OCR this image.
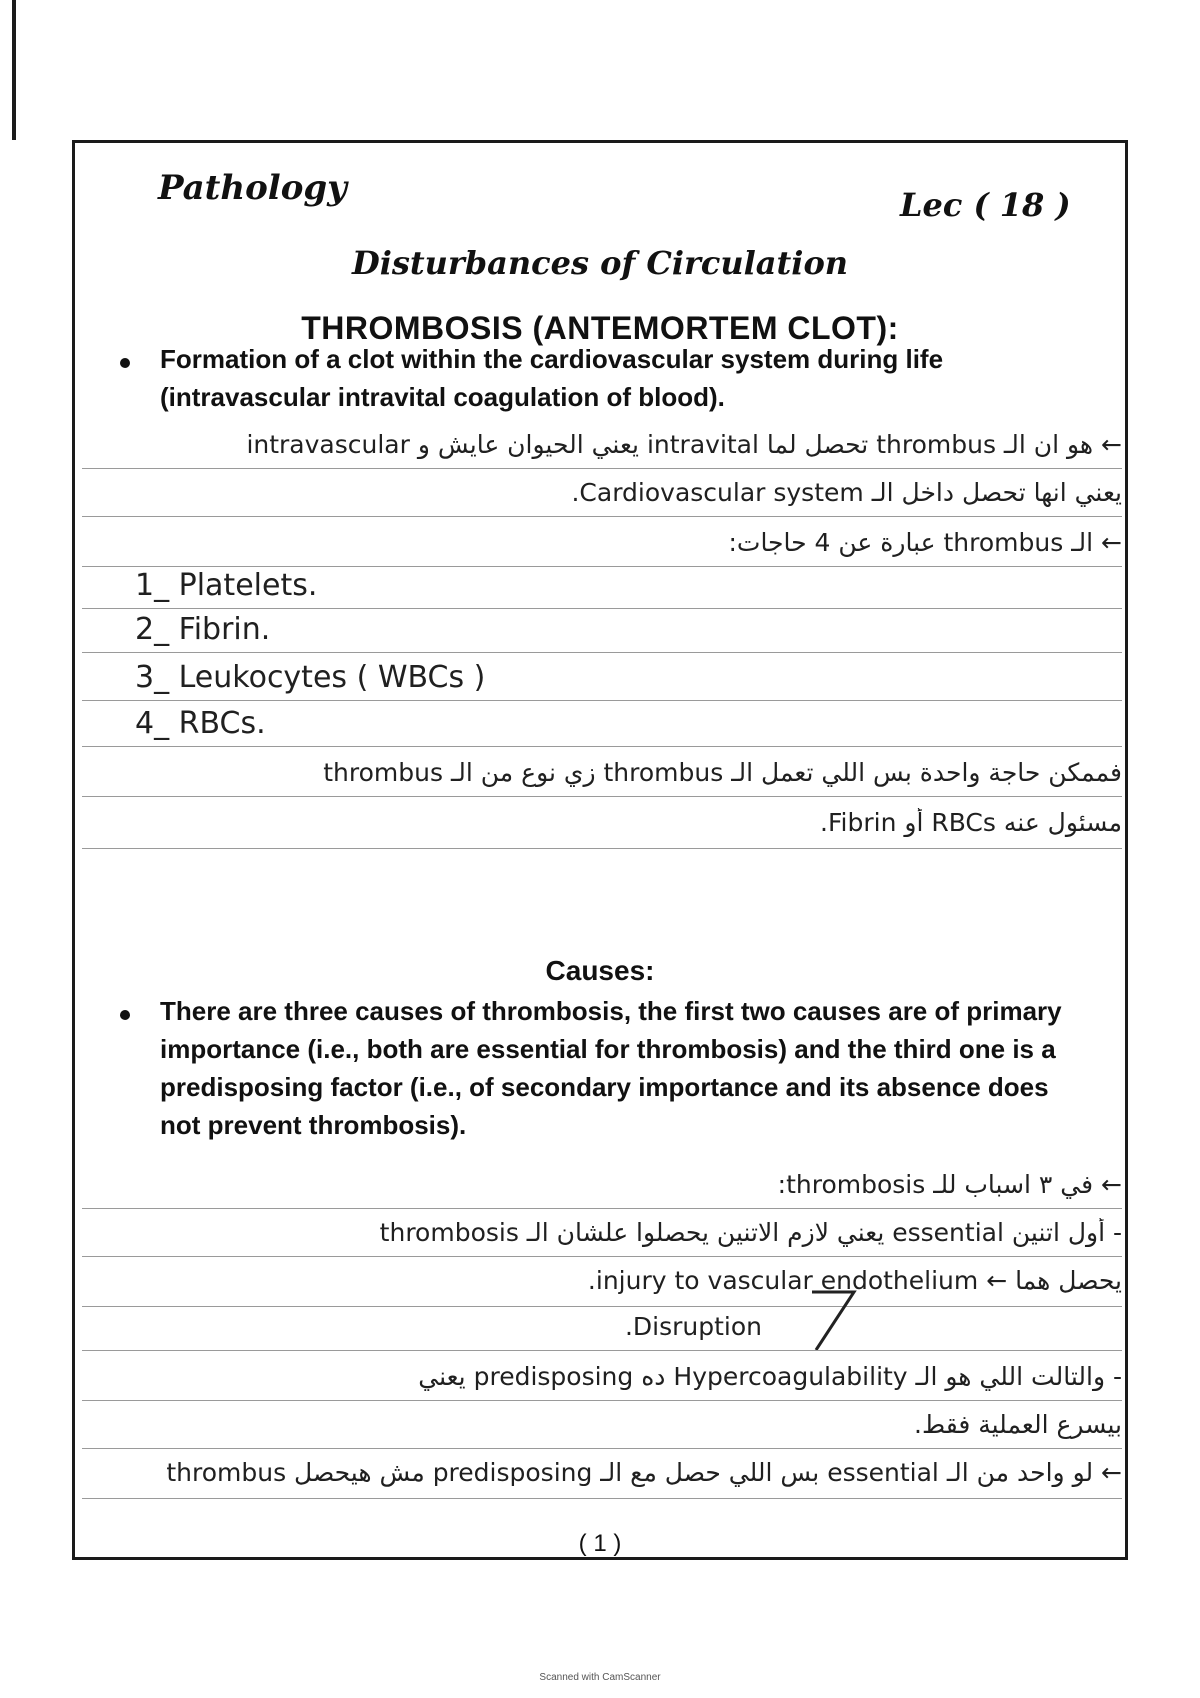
Pathology	Lec ( 18 )
Disturbances of Circulation
THROMBOSIS (ANTEMORTEM CLOT):
Formation of a clot within the cardiovascular system during life (intravascular intravital coagulation of blood).
← هو ان الـ thrombus تحصل لما intravital يعني الحيوان عايش و intravascular
يعني انها تحصل داخل الـ Cardiovascular system.
← الـ thrombus عبارة عن 4 حاجات:
1_ Platelets.
2_ Fibrin.
3_ Leukocytes ( WBCs )
4_ RBCs.
فممكن حاجة واحدة بس اللي تعمل الـ thrombus زي نوع من الـ thrombus
مسئول عنه RBCs أو Fibrin.
Causes:
There are three causes of thrombosis, the first two causes are of primary importance (i.e., both are essential for thrombosis) and the third one is a predisposing factor (i.e., of secondary importance and its absence does not prevent thrombosis).
← في ٣ اسباب للـ thrombosis:
- أول اتنين essential يعني لازم الاتنين يحصلوا علشان الـ thrombosis
يحصل هما ← injury to vascular endothelium.
Disruption.
- والتالت اللي هو الـ Hypercoagulability ده predisposing يعني
بيسرع العملية فقط.
← لو واحد من الـ essential بس اللي حصل مع الـ predisposing مش هيحصل thrombus
( 1 )
Scanned with CamScanner
